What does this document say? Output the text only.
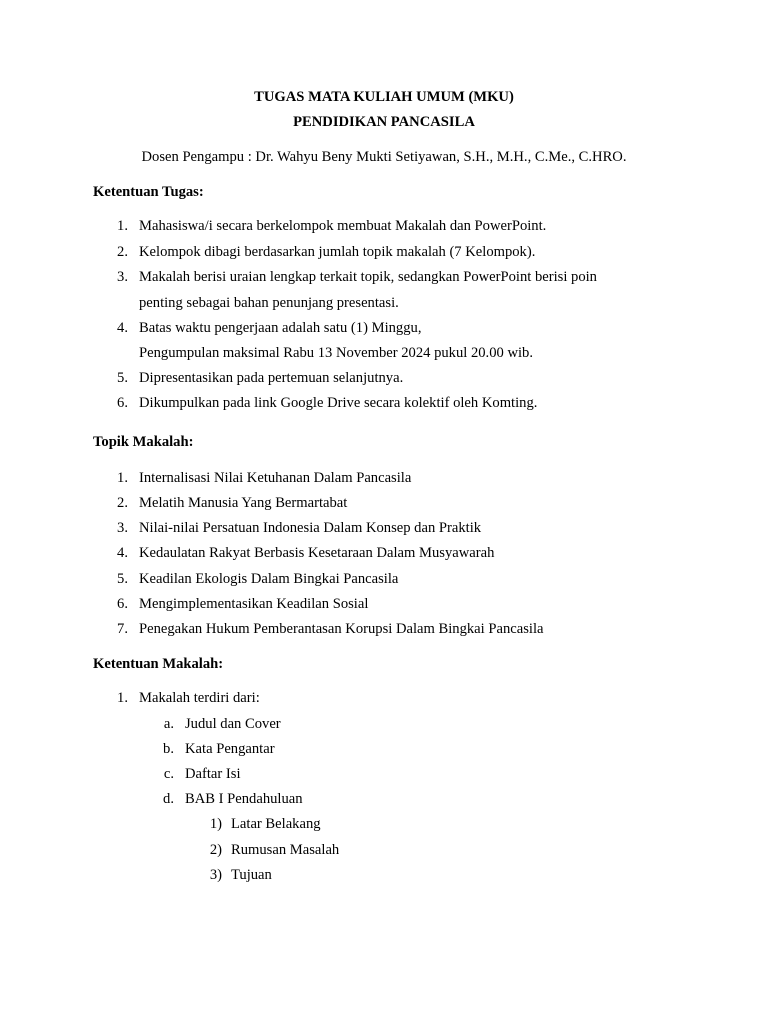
TUGAS MATA KULIAH UMUM (MKU)
PENDIDIKAN PANCASILA
Dosen Pengampu : Dr. Wahyu Beny Mukti Setiyawan, S.H., M.H., C.Me., C.HRO.
Ketentuan Tugas:
1. Mahasiswa/i secara berkelompok membuat Makalah dan PowerPoint.
2. Kelompok dibagi berdasarkan jumlah topik makalah (7 Kelompok).
3. Makalah berisi uraian lengkap terkait topik, sedangkan PowerPoint berisi poin
penting sebagai bahan penunjang presentasi.
4. Batas waktu pengerjaan adalah satu (1) Minggu,
Pengumpulan maksimal Rabu 13 November 2024 pukul 20.00 wib.
5. Dipresentasikan pada pertemuan selanjutnya.
6. Dikumpulkan pada link Google Drive secara kolektif oleh Komting.
Topik Makalah:
1. Internalisasi Nilai Ketuhanan Dalam Pancasila
2. Melatih Manusia Yang Bermartabat
3. Nilai-nilai Persatuan Indonesia Dalam Konsep dan Praktik
4. Kedaulatan Rakyat Berbasis Kesetaraan Dalam Musyawarah
5. Keadilan Ekologis Dalam Bingkai Pancasila
6. Mengimplementasikan Keadilan Sosial
7. Penegakan Hukum Pemberantasan Korupsi Dalam Bingkai Pancasila
Ketentuan Makalah:
1. Makalah terdiri dari:
a. Judul dan Cover
b. Kata Pengantar
c. Daftar Isi
d. BAB I Pendahuluan
1) Latar Belakang
2) Rumusan Masalah
3) Tujuan
